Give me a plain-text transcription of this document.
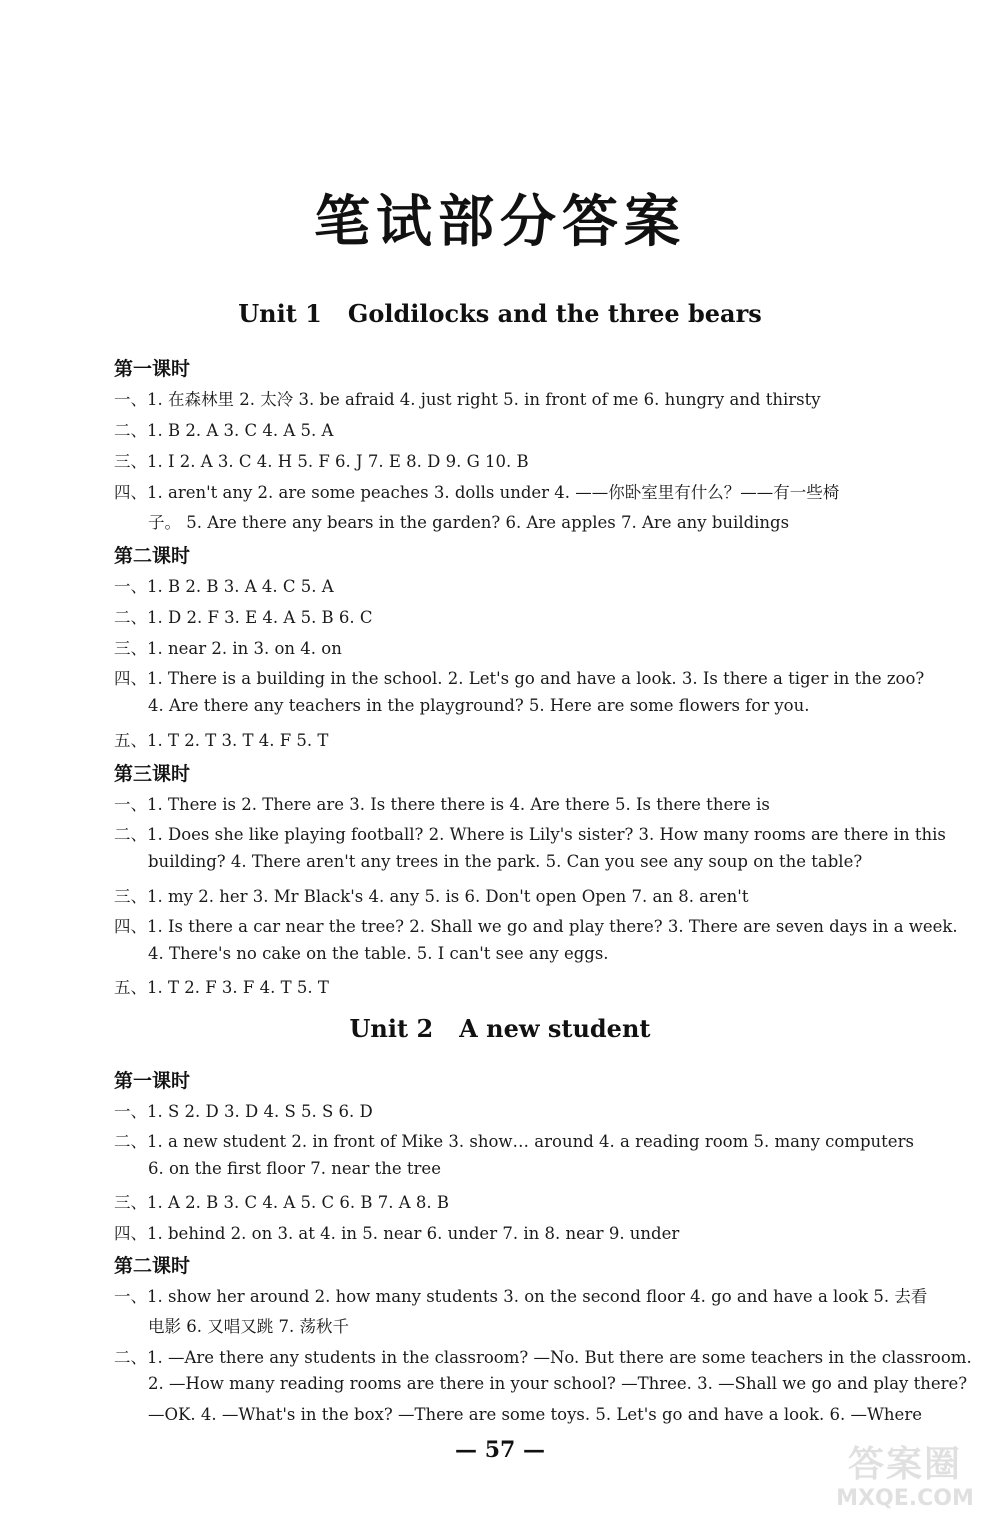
笔试部分答案
Unit 1 Goldilocks and the three bears
第一课时
一、1. 在森林里 2. 太冷 3. be afraid 4. just right 5. in front of me 6. hungry and thirsty
二、1. B 2. A 3. C 4. A 5. A
三、1. I 2. A 3. C 4. H 5. F 6. J 7. E 8. D 9. G 10. B
四、1. aren't any 2. are some peaches 3. dolls under 4. ——你卧室里有什么？——有一些椅
子。 5. Are there any bears in the garden? 6. Are apples 7. Are any buildings
第二课时
一、1. B 2. B 3. A 4. C 5. A
二、1. D 2. F 3. E 4. A 5. B 6. C
三、1. near 2. in 3. on 4. on
四、1. There is a building in the school. 2. Let's go and have a look. 3. Is there a tiger in the zoo?
4. Are there any teachers in the playground? 5. Here are some flowers for you.
五、1. T 2. T 3. T 4. F 5. T
第三课时
一、1. There is 2. There are 3. Is there there is 4. Are there 5. Is there there is
二、1. Does she like playing football? 2. Where is Lily's sister? 3. How many rooms are there in this
building? 4. There aren't any trees in the park. 5. Can you see any soup on the table?
三、1. my 2. her 3. Mr Black's 4. any 5. is 6. Don't open Open 7. an 8. aren't
四、1. Is there a car near the tree? 2. Shall we go and play there? 3. There are seven days in a week.
4. There's no cake on the table. 5. I can't see any eggs.
五、1. T 2. F 3. F 4. T 5. T
Unit 2 A new student
第一课时
一、1. S 2. D 3. D 4. S 5. S 6. D
二、1. a new student 2. in front of Mike 3. show… around 4. a reading room 5. many computers
6. on the first floor 7. near the tree
三、1. A 2. B 3. C 4. A 5. C 6. B 7. A 8. B
四、1. behind 2. on 3. at 4. in 5. near 6. under 7. in 8. near 9. under
第二课时
一、1. show her around 2. how many students 3. on the second floor 4. go and have a look 5. 去看
电影 6. 又唱又跳 7. 荡秋千
二、1. —Are there any students in the classroom? —No. But there are some teachers in the classroom.
2. —How many reading rooms are there in your school? —Three. 3. —Shall we go and play there?
—OK. 4. —What's in the box? —There are some toys. 5. Let's go and have a look. 6. —Where
— 57 —	答案圈
MXQE.COM
